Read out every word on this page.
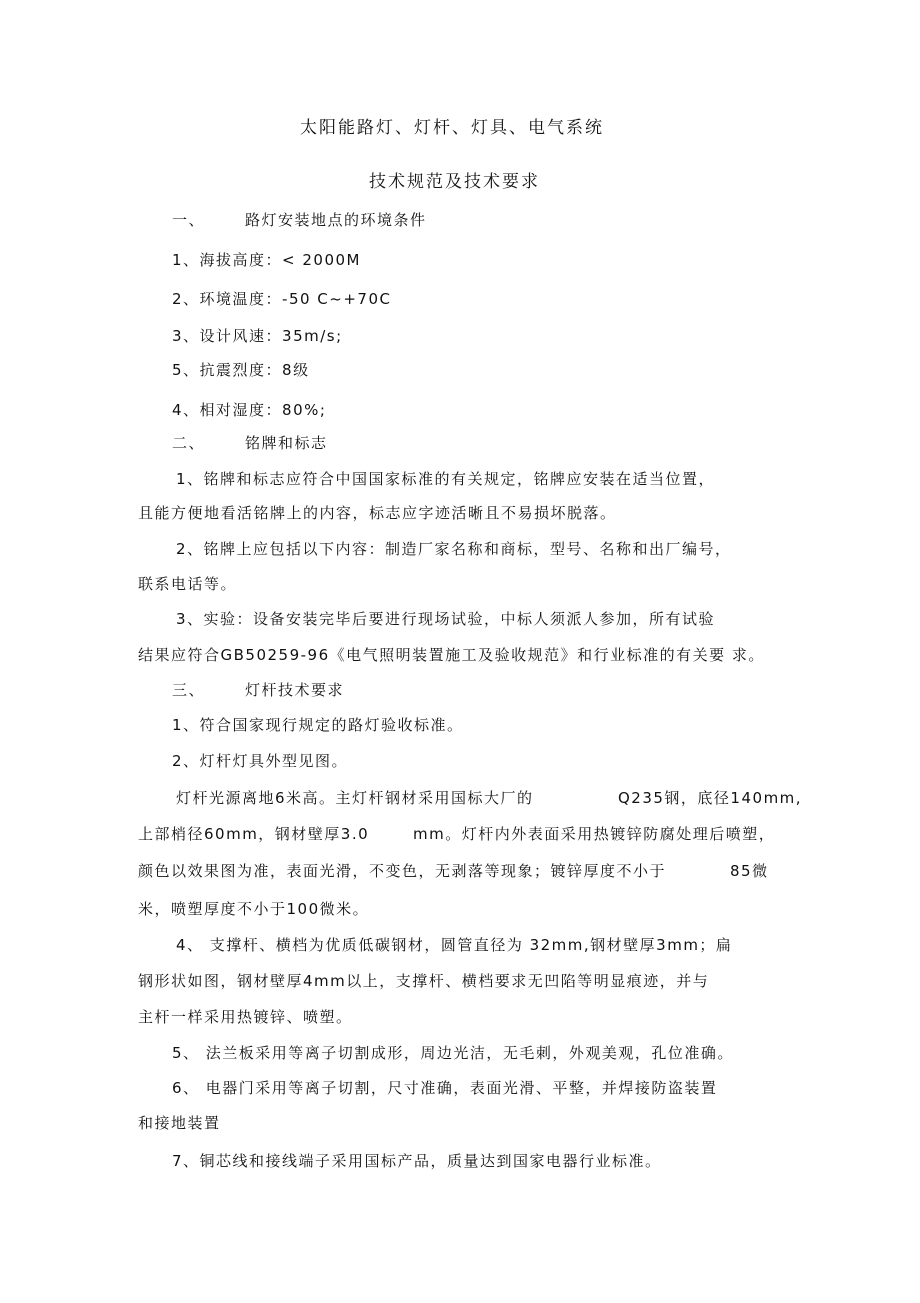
太阳能路灯、灯杆、灯具、电气系统
技术规范及技术要求
一、	路灯安装地点的环境条件
1、海拔高度：< 2000M
2、环境温度：-50 C~+70C
3、设计风速：35m/s;
5、抗震烈度：8级
4、相对湿度：80%;
二、	铭牌和标志
1、铭牌和标志应符合中国国家标准的有关规定，铭牌应安装在适当位置，
且能方便地看活铭牌上的内容，标志应字迹活晰且不易损坏脱落。
2、铭牌上应包括以下内容：制造厂家名称和商标，型号、名称和出厂编号，
联系电话等。
3、实验：设备安装完毕后要进行现场试验，中标人须派人参加，所有试验
结果应符合GB50259-96《电气照明装置施工及验收规范》和行业标准的有关要 求。
三、	灯杆技术要求
1、符合国家现行规定的路灯验收标准。
2、灯杆灯具外型见图。
灯杆光源离地6米高。主灯杆钢材采用国标大厂的	Q235钢，底径140mm,
上部梢径60mm，钢材壁厚3.0	mm。灯杆内外表面采用热镀锌防腐处理后喷塑，
颜色以效果图为准，表面光滑，不变色，无剥落等现象；镀锌厚度不小于	85微
米，喷塑厚度不小于100微米。
4、 支撑杆、横档为优质低碳钢材，圆管直径为 32mm,钢材壁厚3mm；扁
钢形状如图，钢材壁厚4mm以上，支撑杆、横档要求无凹陷等明显痕迹，并与
主杆一样采用热镀锌、喷塑。
5、 法兰板采用等离子切割成形，周边光洁，无毛刺，外观美观，孔位准确。
6、 电器门采用等离子切割，尺寸准确，表面光滑、平整，并焊接防盗装置
和接地装置
7、铜芯线和接线端子采用国标产品，质量达到国家电器行业标准。
